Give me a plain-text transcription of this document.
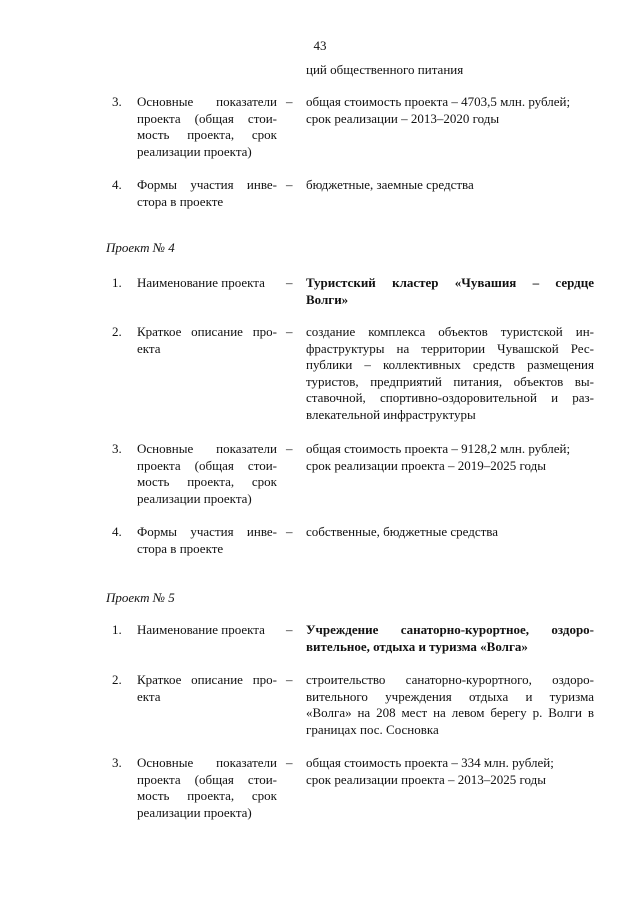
43
ций общественного питания
3. Основные показатели
проекта (общая стои-
мость проекта, срок
реализации проекта)
– общая стоимость проекта – 4703,5 млн. рублей;
срок реализации – 2013–2020 годы
4. Формы участия инве-
стора в проекте
– бюджетные, заемные средства
Проект № 4
1. Наименование проекта	– Туристский кластер «Чувашия – сердце
Волги»
2. Краткое описание про-
екта
– создание комплекса объектов туристской ин-
фраструктуры на территории Чувашской Рес-
публики – коллективных средств размещения
туристов, предприятий питания, объектов вы-
ставочной, спортивно-оздоровительной и раз-
влекательной инфраструктуры
3. Основные показатели
проекта (общая стои-
мость проекта, срок
реализации проекта)
– общая стоимость проекта – 9128,2 млн. рублей;
срок реализации проекта – 2019–2025 годы
4. Формы участия инве-
стора в проекте
– собственные, бюджетные средства
Проект № 5
1. Наименование проекта	– Учреждение санаторно-курортное, оздоро-
вительное, отдыха и туризма «Волга»
2. Краткое описание про-
екта
– строительство санаторно-курортного, оздоро-
вительного учреждения отдыха и туризма
«Волга» на 208 мест на левом берегу р. Волги в
границах пос. Сосновка
3. Основные показатели
проекта (общая стои-
мость проекта, срок
реализации проекта)
– общая стоимость проекта – 334 млн. рублей;
срок реализации проекта – 2013–2025 годы
